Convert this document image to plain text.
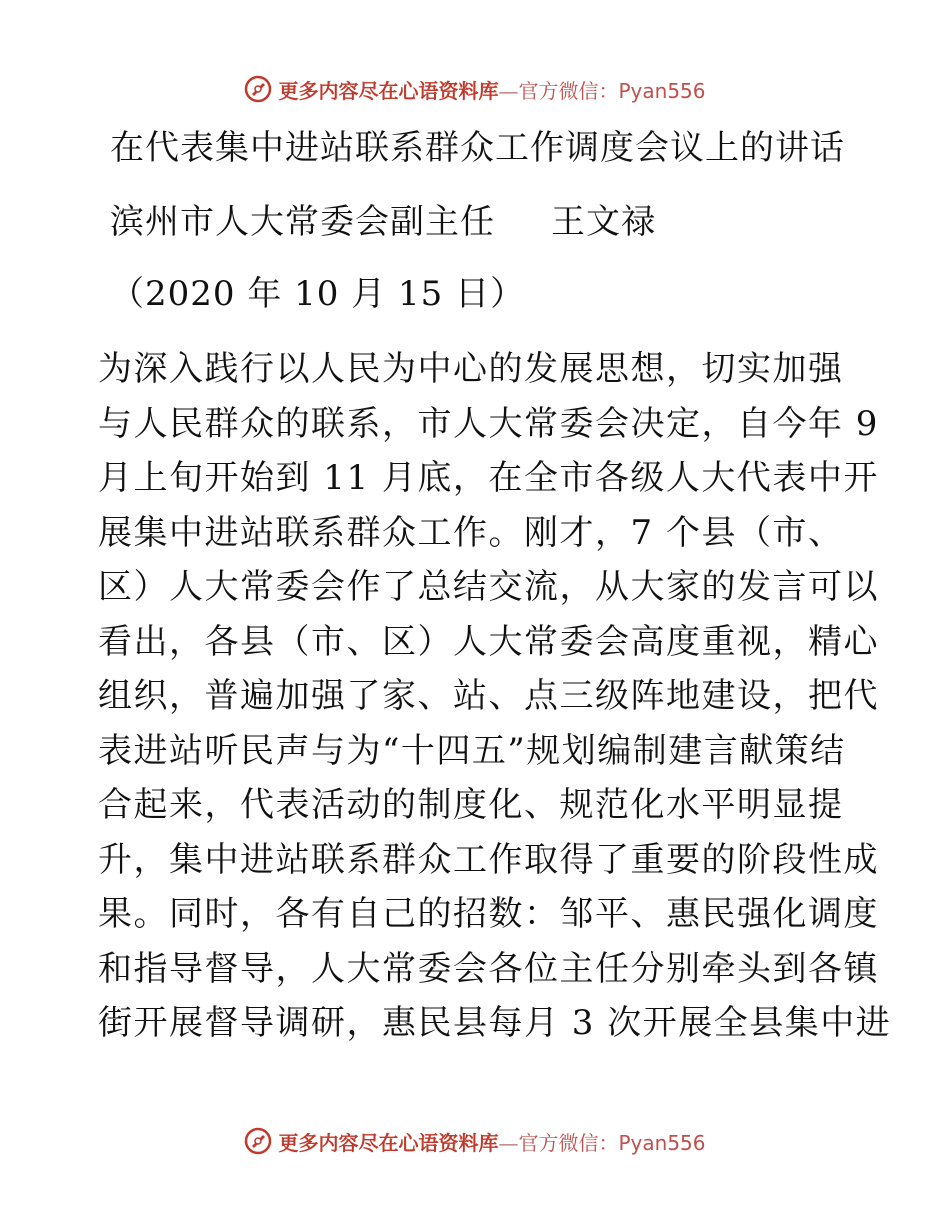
更多内容尽在心语资料库—官方微信：Pyan556
在代表集中进站联系群众工作调度会议上的讲话
滨州市人大常委会副主任 王文禄
（2020 年 10 月 15 日）
为深入践行以人民为中心的发展思想，切实加强
与人民群众的联系，市人大常委会决定，自今年 9
月上旬开始到 11 月底，在全市各级人大代表中开
展集中进站联系群众工作。刚才，7 个县（市、
区）人大常委会作了总结交流，从大家的发言可以
看出，各县（市、区）人大常委会高度重视，精心
组织，普遍加强了家、站、点三级阵地建设，把代
表进站听民声与为“十四五”规划编制建言献策结
合起来，代表活动的制度化、规范化水平明显提
升，集中进站联系群众工作取得了重要的阶段性成
果。同时，各有自己的招数：邹平、惠民强化调度
和指导督导，人大常委会各位主任分别牵头到各镇
街开展督导调研，惠民县每月 3 次开展全县集中进
更多内容尽在心语资料库—官方微信：Pyan556
